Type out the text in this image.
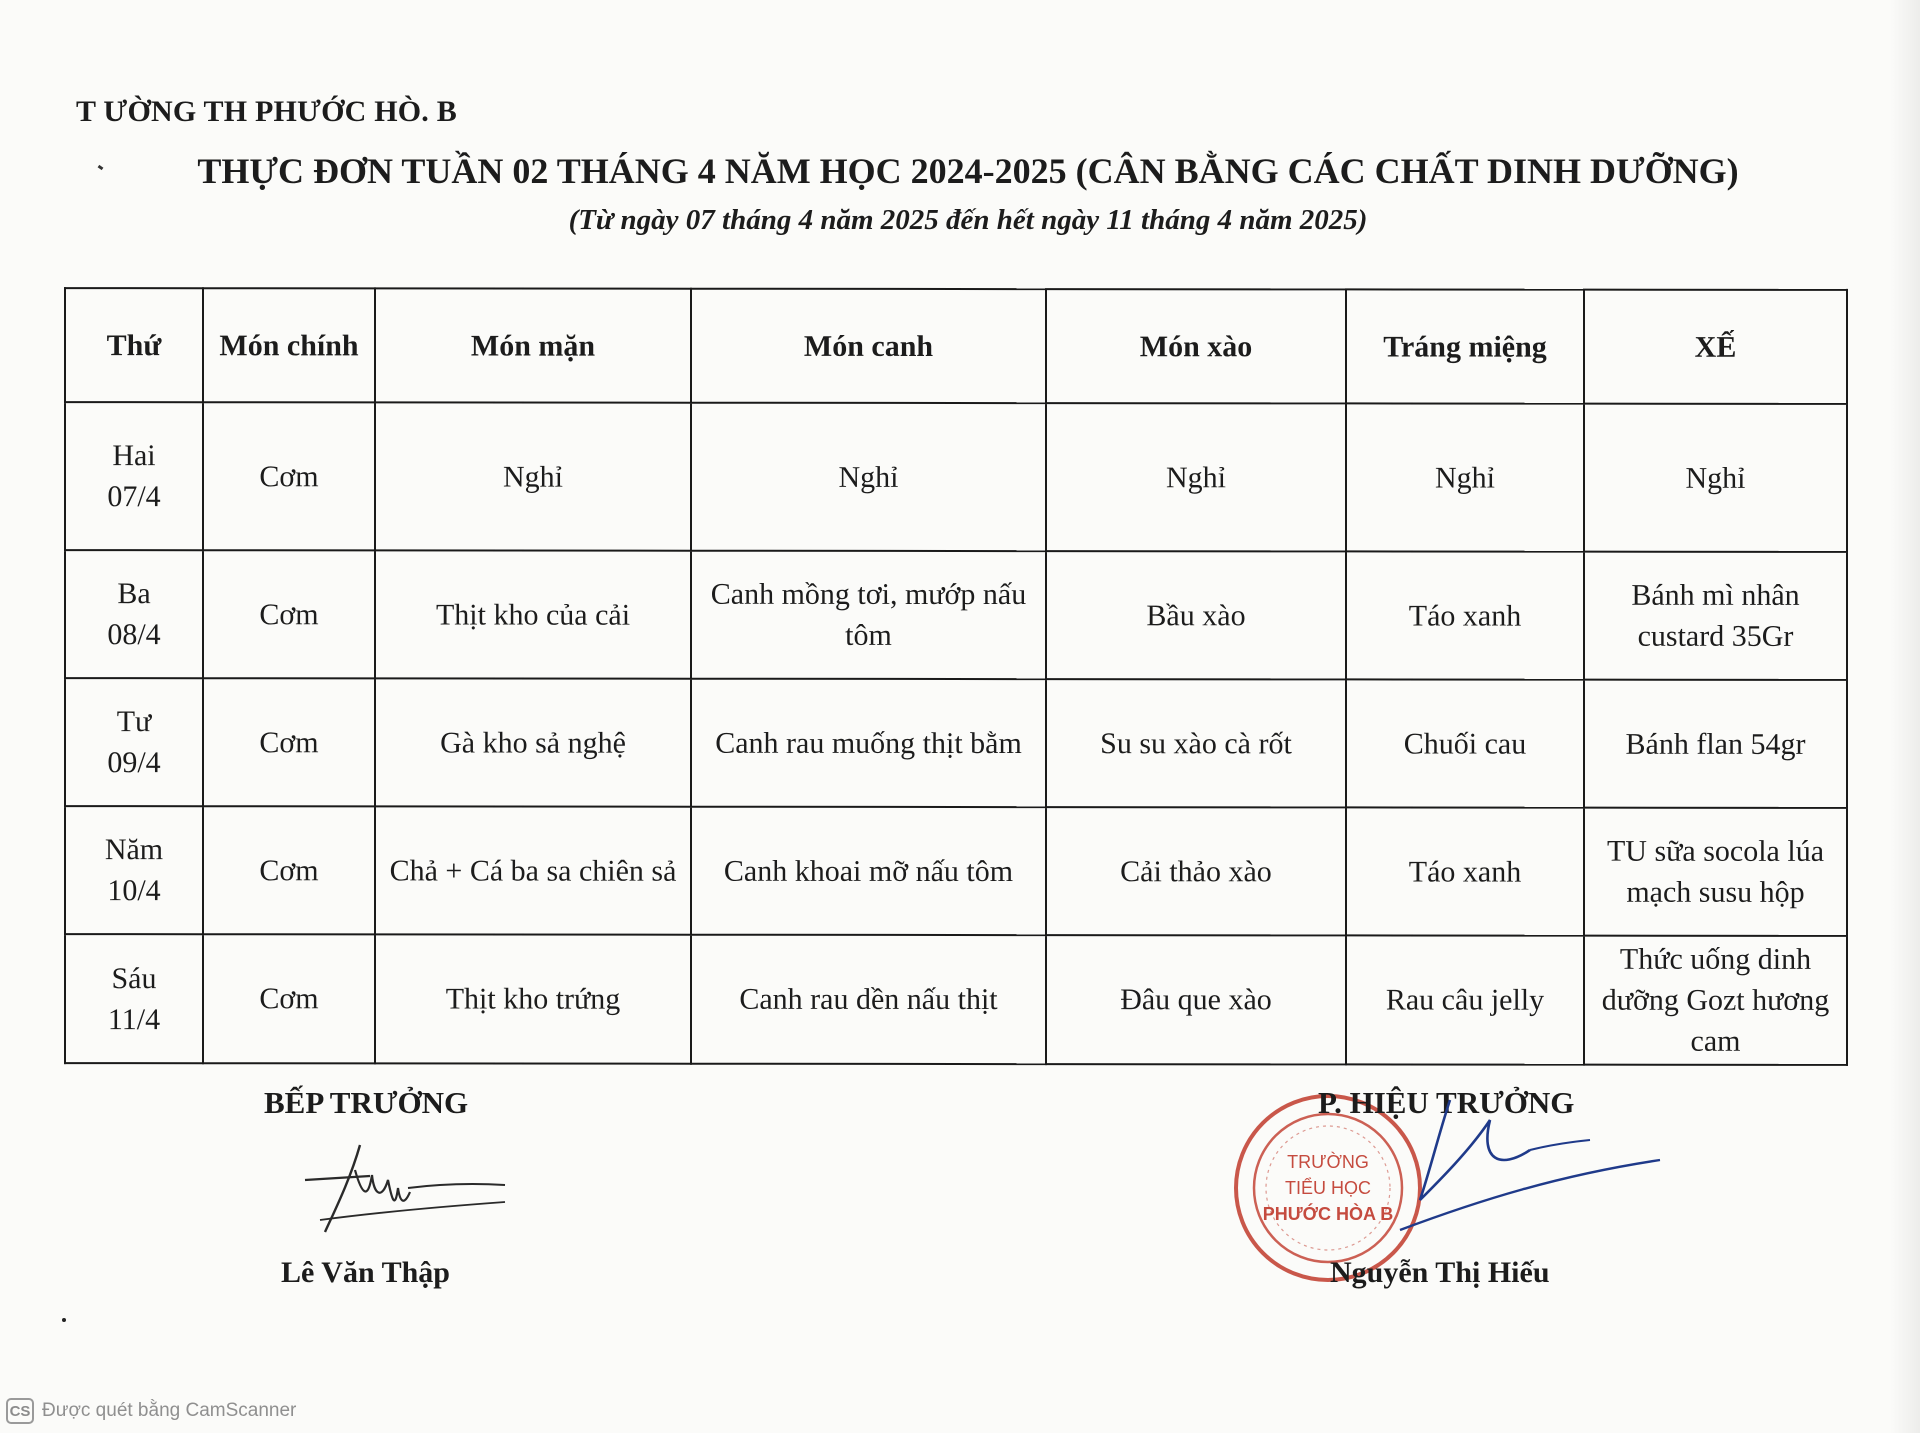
T ƯỜNG TH PHƯỚC HÒ. B
THỰC ĐƠN TUẦN 02 THÁNG 4 NĂM HỌC 2024-2025 (CÂN BẰNG CÁC CHẤT DINH DƯỠNG)
(Từ ngày 07 tháng 4 năm 2025 đến hết ngày 11 tháng 4 năm 2025)
Thứ	Món chính	Món mặn	Món canh	Món xào	Tráng miệng	XẾ

Hai
07/4	Cơm	Nghỉ	Nghỉ	Nghỉ	Nghỉ	Nghỉ

Ba
08/4	Cơm	Thịt kho của cải	Canh mồng tơi, mướp nấu tôm	Bầu xào	Táo xanh	Bánh mì nhân custard 35Gr

Tư
09/4	Cơm	Gà kho sả nghệ	Canh rau muống thịt bằm	Su su xào cà rốt	Chuối cau	Bánh flan 54gr

Năm
10/4	Cơm	Chả + Cá ba sa chiên sả	Canh khoai mỡ nấu tôm	Cải thảo xào	Táo xanh	TU sữa socola lúa mạch susu hộp

Sáu
11/4	Cơm	Thịt kho trứng	Canh rau dền nấu thịt	Đâu que xào	Rau câu jelly	Thức uống dinh dưỡng Gozt hương cam
BẾP TRƯỞNG
Lê Văn Thập
TRƯỜNG
TIỂU HỌC
PHƯỚC HÒA B
P. HIỆU TRƯỞNG
Nguyễn Thị Hiếu
CS Được quét bằng CamScanner
